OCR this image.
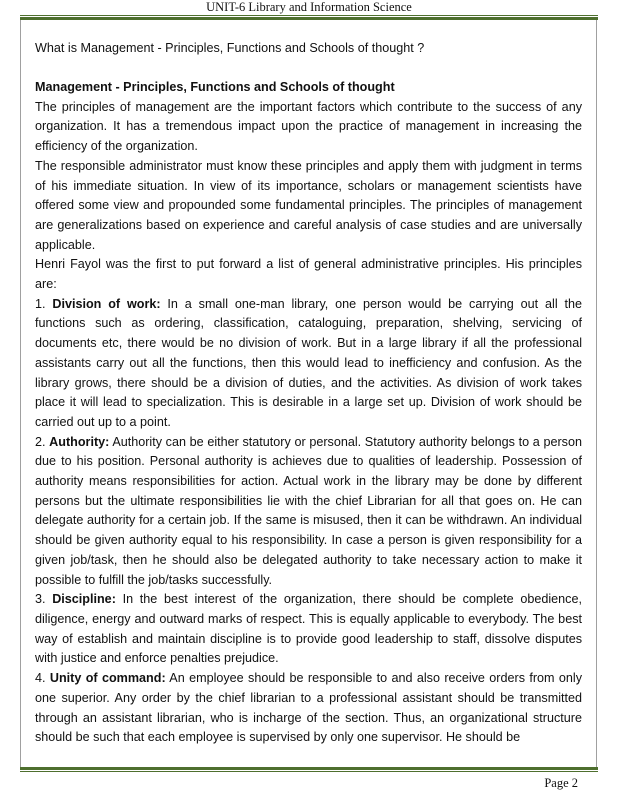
UNIT-6 Library and Information Science

What is Management - Principles, Functions and Schools of thought ?

Management - Principles, Functions and Schools of thought

The principles of management are the important factors which contribute to the success of any organization. It has a tremendous impact upon the practice of management in increasing the efficiency of the organization.

The responsible administrator must know these principles and apply them with judgment in terms of his immediate situation. In view of its importance, scholars or management scientists have offered some view and propounded some fundamental principles. The principles of management are generalizations based on experience and careful analysis of case studies and are universally applicable.

Henri Fayol was the first to put forward a list of general administrative principles. His principles are:

1. Division of work: In a small one-man library, one person would be carrying out all the functions such as ordering, classification, cataloguing, preparation, shelving, servicing of documents etc, there would be no division of work. But in a large library if all the professional assistants carry out all the functions, then this would lead to inefficiency and confusion. As the library grows, there should be a division of duties, and the activities. As division of work takes place it will lead to specialization. This is desirable in a large set up. Division of work should be carried out up to a point.

2. Authority: Authority can be either statutory or personal. Statutory authority belongs to a person due to his position. Personal authority is achieves due to qualities of leadership. Possession of authority means responsibilities for action. Actual work in the library may be done by different persons but the ultimate responsibilities lie with the chief Librarian for all that goes on. He can delegate authority for a certain job. If the same is misused, then it can be withdrawn. An individual should be given authority equal to his responsibility. In case a person is given responsibility for a given job/task, then he should also be delegated authority to take necessary action to make it possible to fulfill the job/tasks successfully.

3. Discipline: In the best interest of the organization, there should be complete obedience, diligence, energy and outward marks of respect. This is equally applicable to everybody. The best way of establish and maintain discipline is to provide good leadership to staff, dissolve disputes with justice and enforce penalties prejudice.

4. Unity of command: An employee should be responsible to and also receive orders from only one superior. Any order by the chief librarian to a professional assistant should be transmitted through an assistant librarian, who is incharge of the section. Thus, an organizational structure should be such that each employee is supervised by only one supervisor. He should be

Page 2
